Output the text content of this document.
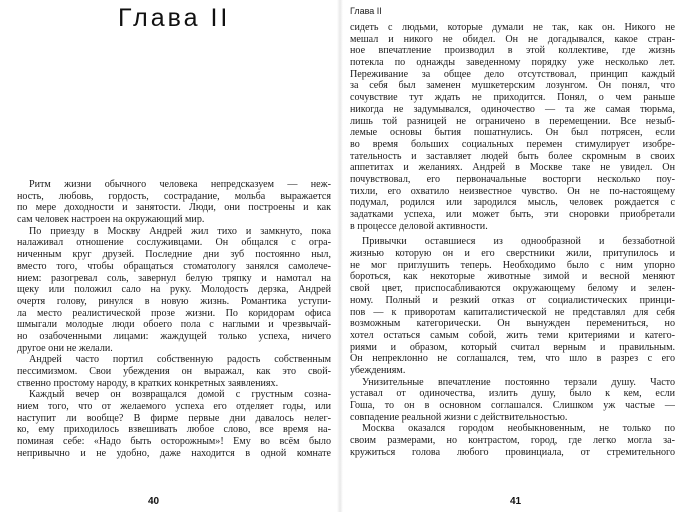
Глава II
Ритм жизни обычного человека непредсказуем — неж-
ность, любовь, гордость, сострадание, мольба выражается
по мере доходности и занятости. Люди, они построены и как
сам человек настроен на окружающий мир.
По приезду в Москву Андрей жил тихо и замкнуто, пока
налаживал отношение сослуживцами. Он общался с огра-
ниченным круг друзей. Последние дни зуб постоянно ныл,
вместо того, чтобы обращаться стоматологу занялся самолече-
нием: разогревал соль, завернул белую тряпку и намотал на
щеку или положил сало на руку. Молодость дерзка, Андрей
очертя голову, ринулся в новую жизнь. Романтика уступи-
ла место реалистической прозе жизни. По коридорам офиса
шмыгали молодые люди обоего пола с наглыми и чрезвычай-
но озабоченными лицами: жаждущей только успеха, ничего
другое они не желали.
Андрей часто портил собственную радость собственным
пессимизмом. Свои убеждения он выражал, как это свой-
ственно простому народу, в кратких конкретных заявлениях.
Каждый вечер он возвращался домой с грустным созна-
нием того, что от желаемого успеха его отделяет годы, или
наступит ли вообще? В фирме первые дни давалось нелег-
ко, ему приходилось взвешивать любое слово, все время на-
поминая себе: «Надо быть осторожным»! Ему во всём было
непривычно и не удобно, даже находится в одной комнате
40
Глава II
сидеть с людьми, которые думали не так, как он. Никого не
мешал и никого не обидел. Он не догадывался, какое стран-
ное впечатление производил в этой коллективе, где жизнь
потекла по однажды заведенному порядку уже несколько лет.
Переживание за общее дело отсутствовал, принцип каждый
за себя был заменен мушкетерским лозунгом. Он понял, что
сочувствие тут ждать не приходится. Понял, о чем раньше
никогда не задумывался, одиночество — та же самая тюрьма,
лишь той разницей не ограничено в перемещении. Все незыб-
лемые основы бытия пошатнулись. Он был потрясен, если
во время больших социальных перемен стимулирует изобре-
тательность и заставляет людей быть более скромным в своих
аппетитах и желаниях. Андрей в Москве таке не увидел. Он
почувствовал, его первоначальные восторги несколько поу-
тихли, его охватило неизвестное чувство. Он не по-настоящему
подумал, родился или зародился мысль, человек рождается с
задатками успеха, или может быть, эти сноровки приобретали
в процессе деловой активности.
Привычки оставшиеся из однообразной и беззаботной
жизнью которую он и его сверстники жили, притупилось и
не мог приглушить теперь. Необходимо было с ним упорно
бороться, как некоторые животные зимой и весной меняют
свой цвет, приспосабливаются окружающему белому и зелен-
ному. Полный и резкий отказ от социалистических принци-
пов — к приворотам капиталистической не представлял для себя
возможным категорически. Он вынужден перемениться, но
хотел остаться самым собой, жить теми критериями и катего-
риями и образом, который считал верным и правильным.
Он непреклонно не соглашался, тем, что шло в разрез с его
убеждениям.
Унизительные впечатление постоянно терзали душу. Часто
уставал от одиночества, излить душу, было к кем, если
Гоша, то он в основном соглашался. Слишком уж частые —
совпадение реальной жизни с действительностью.
Москва оказался городом необыкновенным, не только по
своим размерами, но контрастом, город, где легко могла за-
кружиться голова любого провинциала, от стремительного
41
